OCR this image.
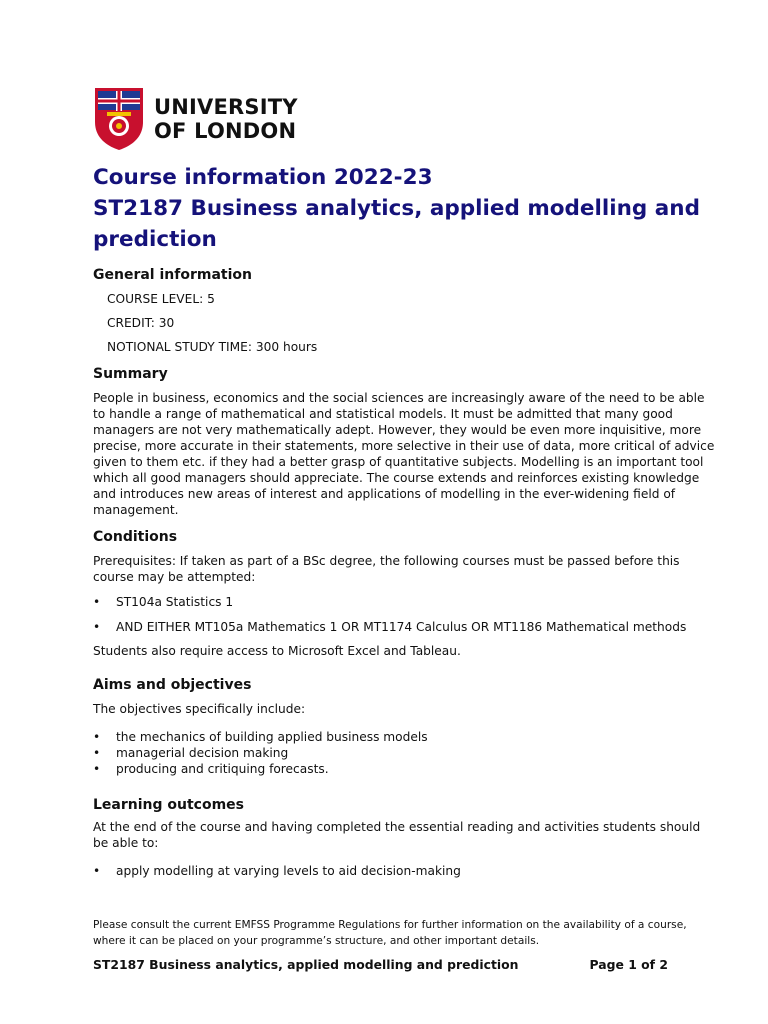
UNIVERSITY
OF LONDON
Course information 2022-23
ST2187 Business analytics, applied modelling and
prediction
General information

COURSE LEVEL: 5

CREDIT: 30

NOTIONAL STUDY TIME: 300 hours

Summary
People in business, economics and the social sciences are increasingly aware of the need to be able
to handle a range of mathematical and statistical models. It must be admitted that many good
managers are not very mathematically adept. However, they would be even more inquisitive, more
precise, more accurate in their statements, more selective in their use of data, more critical of advice
given to them etc. if they had a better grasp of quantitative subjects. Modelling is an important tool
which all good managers should appreciate. The course extends and reinforces existing knowledge
and introduces new areas of interest and applications of modelling in the ever-widening field of
management.
Conditions
Prerequisites: If taken as part of a BSc degree, the following courses must be passed before this
course may be attempted:
• ST104a Statistics 1
• AND EITHER MT105a Mathematics 1 OR MT1174 Calculus OR MT1186 Mathematical methods

Students also require access to Microsoft Excel and Tableau.

Aims and objectives

The objectives specifically include:

• the mechanics of building applied business models
• managerial decision making
• producing and critiquing forecasts.
Learning outcomes
At the end of the course and having completed the essential reading and activities students should
be able to:
• apply modelling at varying levels to aid decision-making
Please consult the current EMFSS Programme Regulations for further information on the availability of a course,
where it can be placed on your programme’s structure, and other important details.
ST2187 Business analytics, applied modelling and prediction	Page 1 of 2
